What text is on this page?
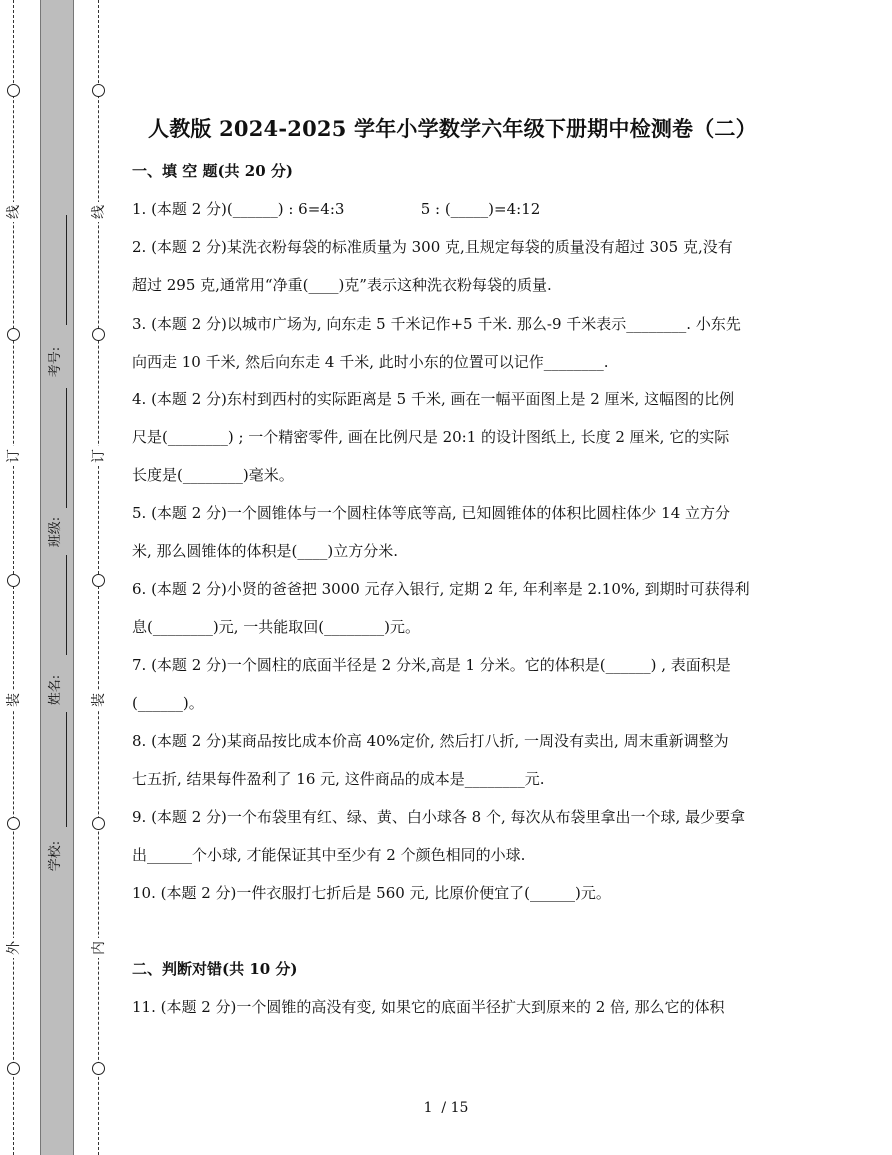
线
订
装
外
线
订
装
内
考号:
班级:
姓名:
学校:
人教版 2024-2025 学年小学数学六年级下册期中检测卷（二）
一、填 空 题(共 20 分)
1. (本题 2 分)(______) : 6=4:3                5 : (_____)=4:12
2. (本题 2 分)某洗衣粉每袋的标准质量为 300 克,且规定每袋的质量没有超过 305 克,没有
超过 295 克,通常用“净重(____)克”表示这种洗衣粉每袋的质量.
3. (本题 2 分)以城市广场为, 向东走 5 千米记作+5 千米. 那么-9 千米表示________. 小东先
向西走 10 千米, 然后向东走 4 千米, 此时小东的位置可以记作________.
4. (本题 2 分)东村到西村的实际距离是 5 千米, 画在一幅平面图上是 2 厘米, 这幅图的比例
尺是(________) ; 一个精密零件, 画在比例尺是 20:1 的设计图纸上, 长度 2 厘米, 它的实际
长度是(________)毫米。
5. (本题 2 分)一个圆锥体与一个圆柱体等底等高, 已知圆锥体的体积比圆柱体少 14 立方分
米, 那么圆锥体的体积是(____)立方分米.
6. (本题 2 分)小贤的爸爸把 3000 元存入银行, 定期 2 年, 年利率是 2.10%, 到期时可获得利
息(________)元, 一共能取回(________)元。
7. (本题 2 分)一个圆柱的底面半径是 2 分米,高是 1 分米。它的体积是(______) , 表面积是
(______)。
8. (本题 2 分)某商品按比成本价高 40%定价, 然后打八折, 一周没有卖出, 周末重新调整为
七五折, 结果每件盈利了 16 元, 这件商品的成本是________元.
9. (本题 2 分)一个布袋里有红、绿、黄、白小球各 8 个, 每次从布袋里拿出一个球, 最少要拿
出______个小球, 才能保证其中至少有 2 个颜色相同的小球.
10. (本题 2 分)一件衣服打七折后是 560 元, 比原价便宜了(______)元。
二、判断对错(共 10 分)
11. (本题 2 分)一个圆锥的高没有变, 如果它的底面半径扩大到原来的 2 倍, 那么它的体积
1  / 15
